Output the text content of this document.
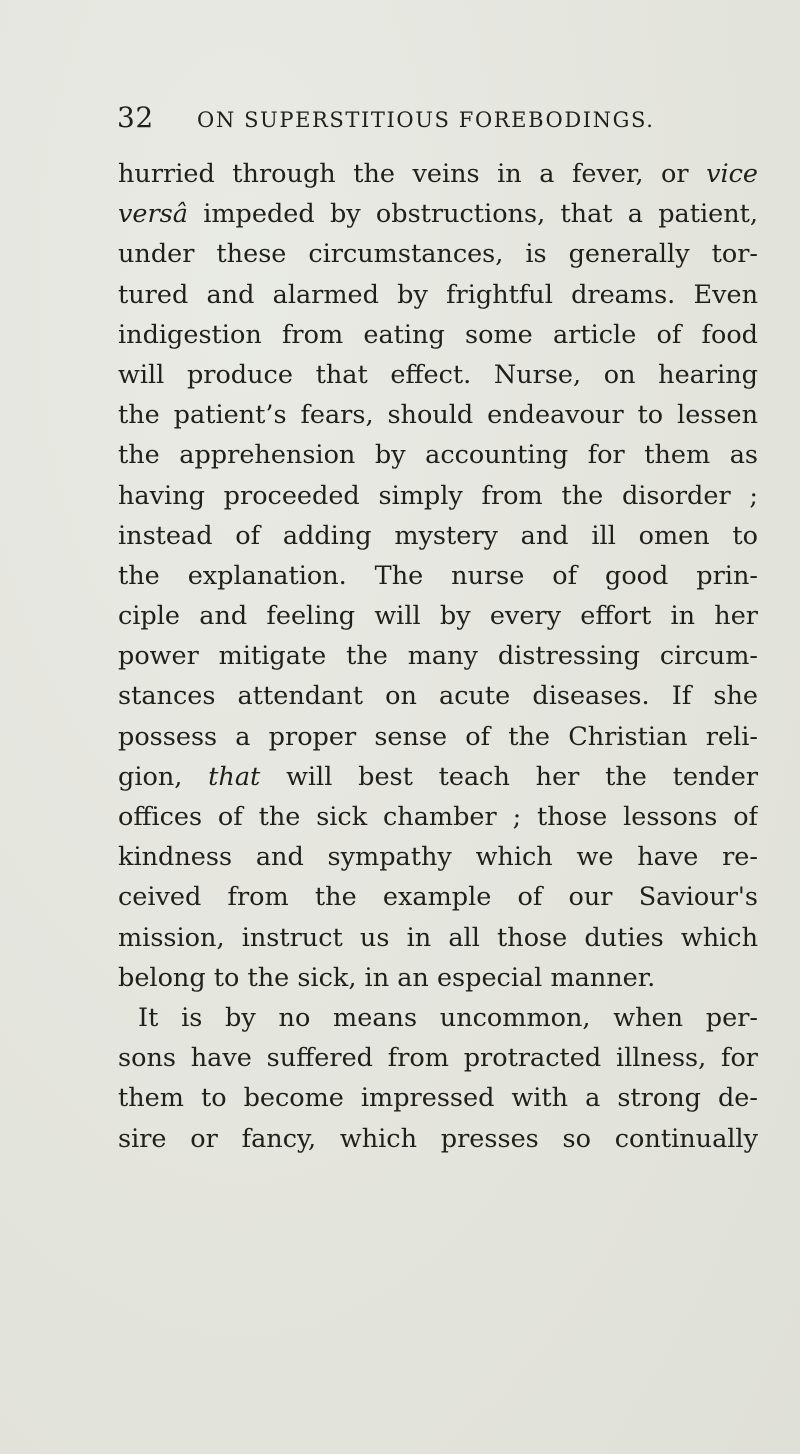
32 ON SUPERSTITIOUS FOREBODINGS.
hurried through the veins in a fever, or vice
versâ impeded by obstructions, that a patient,
under these circumstances, is generally tor-
tured and alarmed by frightful dreams. Even
indigestion from eating some article of food
will produce that effect. Nurse, on hearing
the patient’s fears, should endeavour to lessen
the apprehension by accounting for them as
having proceeded simply from the disorder ;
instead of adding mystery and ill omen to
the explanation. The nurse of good prin-
ciple and feeling will by every effort in her
power mitigate the many distressing circum-
stances attendant on acute diseases. If she
possess a proper sense of the Christian reli-
gion, that will best teach her the tender
offices of the sick chamber ; those lessons of
kindness and sympathy which we have re-
ceived from the example of our Saviour's
mission, instruct us in all those duties which
belong to the sick, in an especial manner.
It is by no means uncommon, when per-
sons have suffered from protracted illness, for
them to become impressed with a strong de-
sire or fancy, which presses so continually
